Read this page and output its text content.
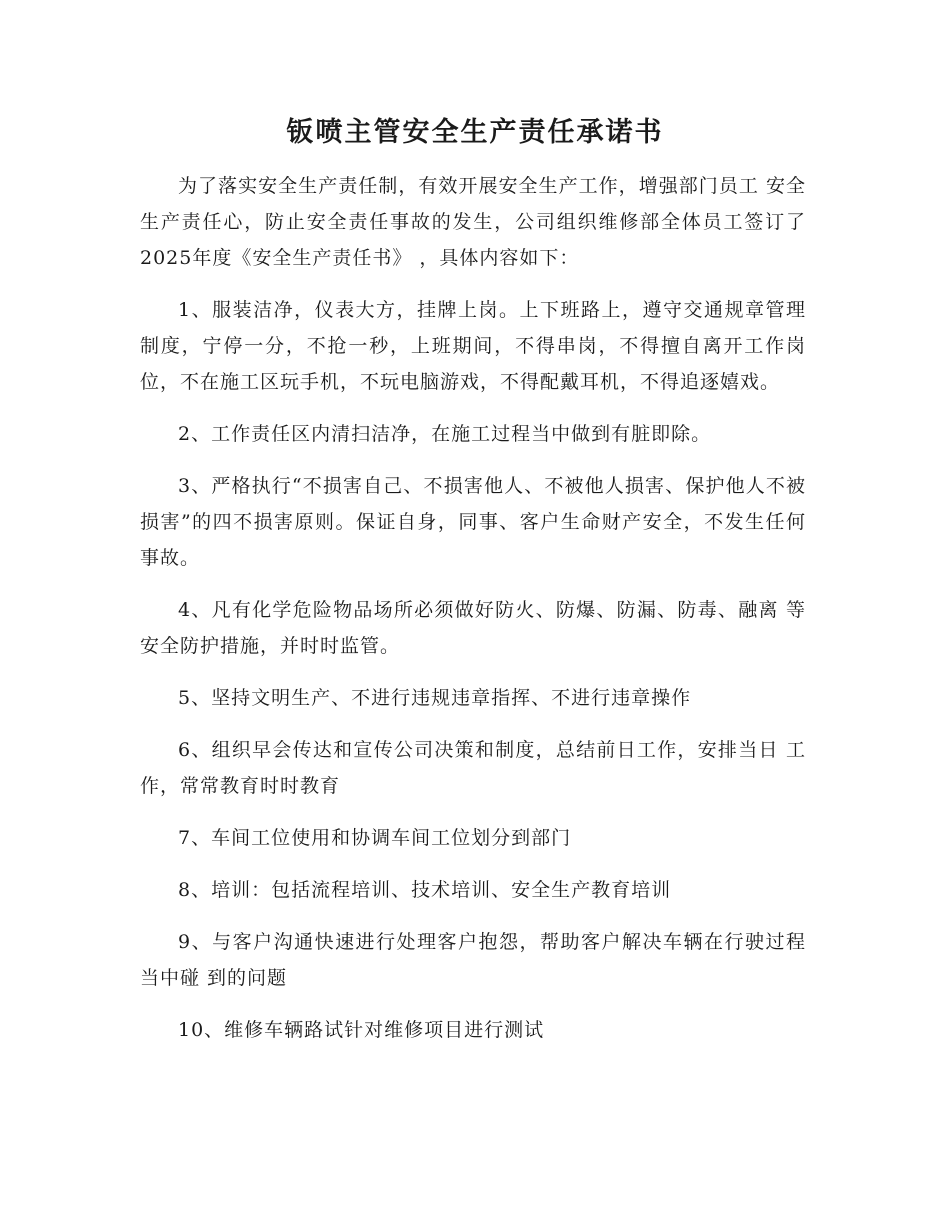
钣喷主管安全生产责任承诺书

为了落实安全生产责任制，有效开展安全生产工作，增强部门员工 安全生产责任心，防止安全责任事故的发生，公司组织维修部全体员工签订了2025年度《安全生产责任书》 ，具体内容如下：

1、服装洁净，仪表大方，挂牌上岗。上下班路上，遵守交通规章管理制度，宁停一分，不抢一秒，上班期间，不得串岗，不得擅自离开工作岗位，不在施工区玩手机，不玩电脑游戏，不得配戴耳机，不得追逐嬉戏。

2、工作责任区内清扫洁净，在施工过程当中做到有脏即除。

3、严格执行“不损害自己、不损害他人、不被他人损害、保护他人不被损害”的四不损害原则。保证自身，同事、客户生命财产安全，不发生任何事故。

4、凡有化学危险物品场所必须做好防火、防爆、防漏、防毒、融离 等安全防护措施，并时时监管。

5、坚持文明生产、不进行违规违章指挥、不进行违章操作

6、组织早会传达和宣传公司决策和制度，总结前日工作，安排当日 工作，常常教育时时教育

7、车间工位使用和协调车间工位划分到部门

8、培训：包括流程培训、技术培训、安全生产教育培训

9、与客户沟通快速进行处理客户抱怨，帮助客户解决车辆在行驶过程当中碰 到的问题

10、维修车辆路试针对维修项目进行测试
